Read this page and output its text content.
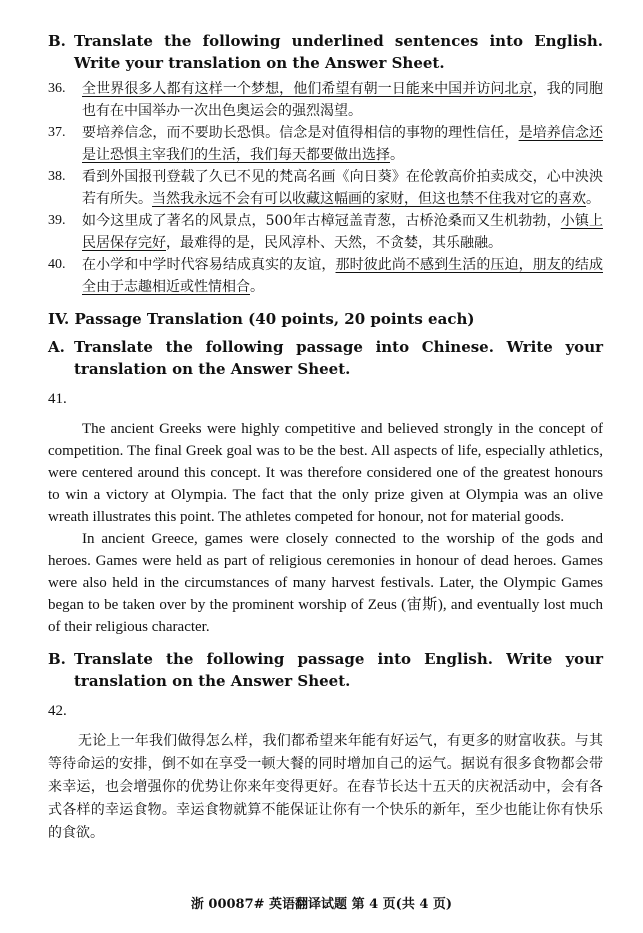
B. Translate the following underlined sentences into English. Write your translation on the Answer Sheet.
36.	全世界很多人都有这样一个梦想，他们希望有朝一日能来中国并访问北京，我的同胞也有在中国举办一次出色奥运会的强烈渴望。
37.	要培养信念，而不要助长恐惧。信念是对值得相信的事物的理性信任，是培养信念还是让恐惧主宰我们的生活，我们每天都要做出选择。
38.	看到外国报刊登载了久已不见的梵高名画《向日葵》在伦敦高价拍卖成交，心中泱泱若有所失。当然我永远不会有可以收藏这幅画的家财，但这也禁不住我对它的喜欢。
39.	如今这里成了著名的风景点，500年古樟冠盖青葱，古桥沧桑而又生机勃勃，小镇上民居保存完好，最难得的是，民风淳朴、天然，不贪婪，其乐融融。
40.	在小学和中学时代容易结成真实的友谊，那时彼此尚不感到生活的压迫，朋友的结成全由于志趣相近或性情相合。
IV. Passage Translation (40 points, 20 points each)
A. Translate the following passage into Chinese. Write your translation on the Answer Sheet.
41.

The ancient Greeks were highly competitive and believed strongly in the concept of competition. The final Greek goal was to be the best. All aspects of life, especially athletics, were centered around this concept. It was therefore considered one of the greatest honours to win a victory at Olympia. The fact that the only prize given at Olympia was an olive wreath illustrates this point. The athletes competed for honour, not for material goods.

In ancient Greece, games were closely connected to the worship of the gods and heroes. Games were held as part of religious ceremonies in honour of dead heroes. Games were also held in the circumstances of many harvest festivals. Later, the Olympic Games began to be taken over by the prominent worship of Zeus (宙斯), and eventually lost much of their religious character.

B. Translate the following passage into English. Write your translation on the Answer Sheet.
42.

无论上一年我们做得怎么样，我们都希望来年能有好运气，有更多的财富收获。与其等待命运的安排，倒不如在享受一顿大餐的同时增加自己的运气。据说有很多食物都会带来幸运，也会增强你的优势让你来年变得更好。在春节长达十五天的庆祝活动中，会有各式各样的幸运食物。幸运食物就算不能保证让你有一个快乐的新年，至少也能让你有快乐的食欲。

浙 00087# 英语翻译试题 第 4 页(共 4 页)
